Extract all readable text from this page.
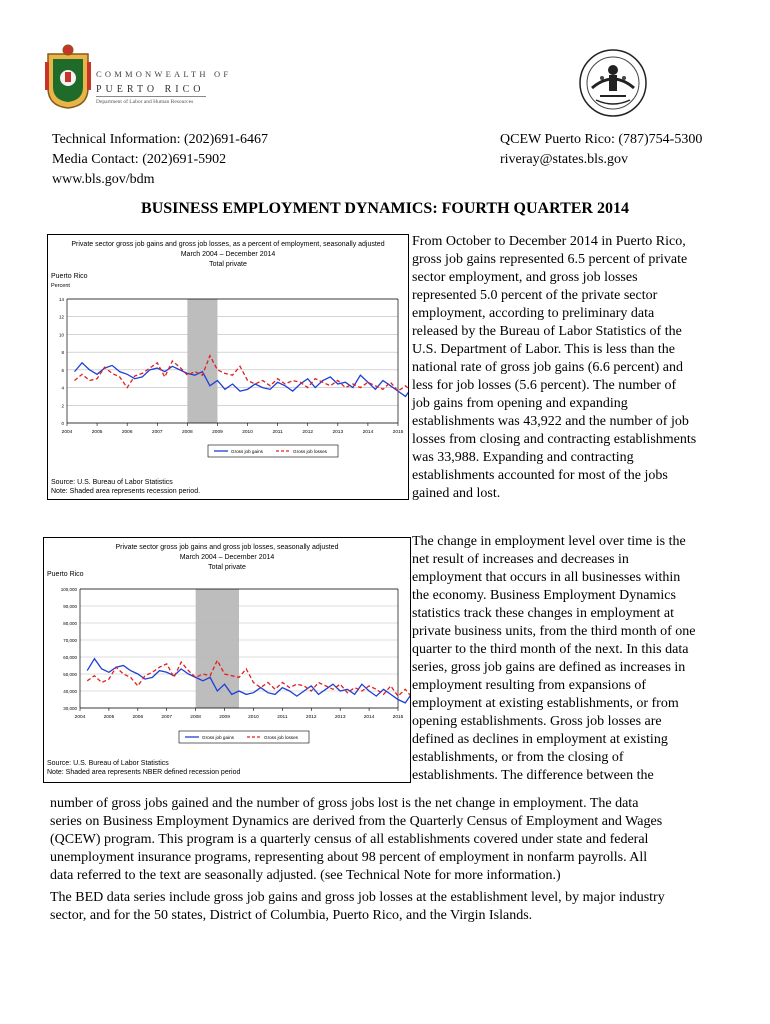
COMMONWEALTH OF
PUERTO RICO
Department of Labor and Human Resources
Technical Information: (202)691-6467
Media Contact: (202)691-5902
www.bls.gov/bdm
QCEW Puerto Rico: (787)754-5300
riveray@states.bls.gov
BUSINESS EMPLOYMENT DYNAMICS: FOURTH QUARTER 2014
Private sector gross job gains and gross job losses, as a percent of employment, seasonally adjusted
March 2004 – December 2014
Total private
Puerto Rico
Percent
0
2
4
6
8
10
12
14
2004	2005	2006	2007	2008	2009	2010	2011	2012	2013	2014	2015
Gross job gains	Gross job losses
Source: U.S. Bureau of Labor Statistics
Note: Shaded area represents recession period.
Private sector gross job gains and gross job losses, seasonally adjusted
March 2004 – December 2014
Total private
Puerto Rico
30,000
40,000
50,000
60,000
70,000
80,000
90,000
100,000
2004	2005	2006	2007	2008	2009	2010	2011	2012	2013	2014	2015
Gross job gains	Gross job losses
Source: U.S. Bureau of Labor Statistics
Note: Shaded area represents NBER defined recession period
From October to December 2014 in Puerto Rico,
gross job gains represented 6.5 percent of private
sector employment, and gross job losses
represented 5.0 percent of the private sector
employment, according to preliminary data
released by the Bureau of Labor Statistics of the
U.S. Department of Labor. This is less than the
national rate of gross job gains (6.6 percent) and
less for job losses (5.6 percent). The number of
job gains from opening and expanding
establishments was 43,922 and the number of job
losses from closing and contracting establishments
was 33,988. Expanding and contracting
establishments accounted for most of the jobs
gained and lost.
The change in employment level over time is the
net result of increases and decreases in
employment that occurs in all businesses within
the economy. Business Employment Dynamics
statistics track these changes in employment at
private business units, from the third month of one
quarter to the third month of the next. In this data
series, gross job gains are defined as increases in
employment resulting from expansions of
employment at existing establishments, or from
opening establishments. Gross job losses are
defined as declines in employment at existing
establishments, or from the closing of
establishments. The difference between the
number of gross jobs gained and the number of gross jobs lost is the net change in employment. The data
series on Business Employment Dynamics are derived from the Quarterly Census of Employment and Wages
(QCEW) program. This program is a quarterly census of all establishments covered under state and federal
unemployment insurance programs, representing about 98 percent of employment in nonfarm payrolls. All
data referred to the text are seasonally adjusted. (see Technical Note for more information.)
The BED data series include gross job gains and gross job losses at the establishment level, by major industry
sector, and for the 50 states, District of Columbia, Puerto Rico, and the Virgin Islands.
